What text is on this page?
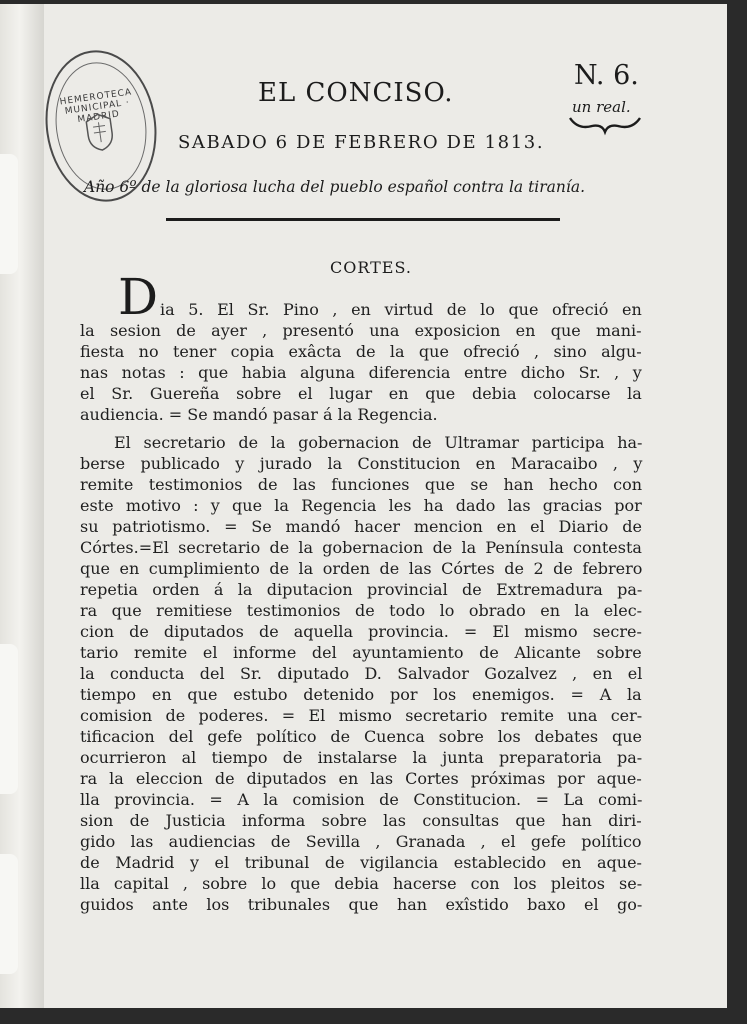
HEMEROTECA MUNICIPAL · MADRID
EL CONCISO.
N. 6.
un real.
SABADO 6 DE FEBRERO DE 1813.
Año 6º de la gloriosa lucha del pueblo español contra la tiranía.
CORTES.
D ia 5. El Sr. Pino , en virtud de lo que ofreció en
la sesion de ayer , presentó una exposicion en que mani-
fiesta no tener copia exâcta de la que ofreció , sino algu-
nas notas : que habia alguna diferencia entre dicho Sr. , y
el Sr. Guereña sobre el lugar en que debia colocarse la
audiencia. = Se mandó pasar á la Regencia.
El secretario de la gobernacion de Ultramar participa ha-
berse publicado y jurado la Constitucion en Maracaibo , y
remite testimonios de las funciones que se han hecho con
este motivo : y que la Regencia les ha dado las gracias por
su patriotismo. = Se mandó hacer mencion en el Diario de
Córtes.=El secretario de la gobernacion de la Península contesta
que en cumplimiento de la orden de las Córtes de 2 de febrero
repetia orden á la diputacion provincial de Extremadura pa-
ra que remitiese testimonios de todo lo obrado en la elec-
cion de diputados de aquella provincia. = El mismo secre-
tario remite el informe del ayuntamiento de Alicante sobre
la conducta del Sr. diputado D. Salvador Gozalvez , en el
tiempo en que estubo detenido por los enemigos. = A la
comision de poderes. = El mismo secretario remite una cer-
tificacion del gefe político de Cuenca sobre los debates que
ocurrieron al tiempo de instalarse la junta preparatoria pa-
ra la eleccion de diputados en las Cortes próximas por aque-
lla provincia. = A la comision de Constitucion. = La comi-
sion de Justicia informa sobre las consultas que han diri-
gido las audiencias de Sevilla , Granada , el gefe político
de Madrid y el tribunal de vigilancia establecido en aque-
lla capital , sobre lo que debia hacerse con los pleitos se-
guidos ante los tribunales que han exîstido baxo el go-
